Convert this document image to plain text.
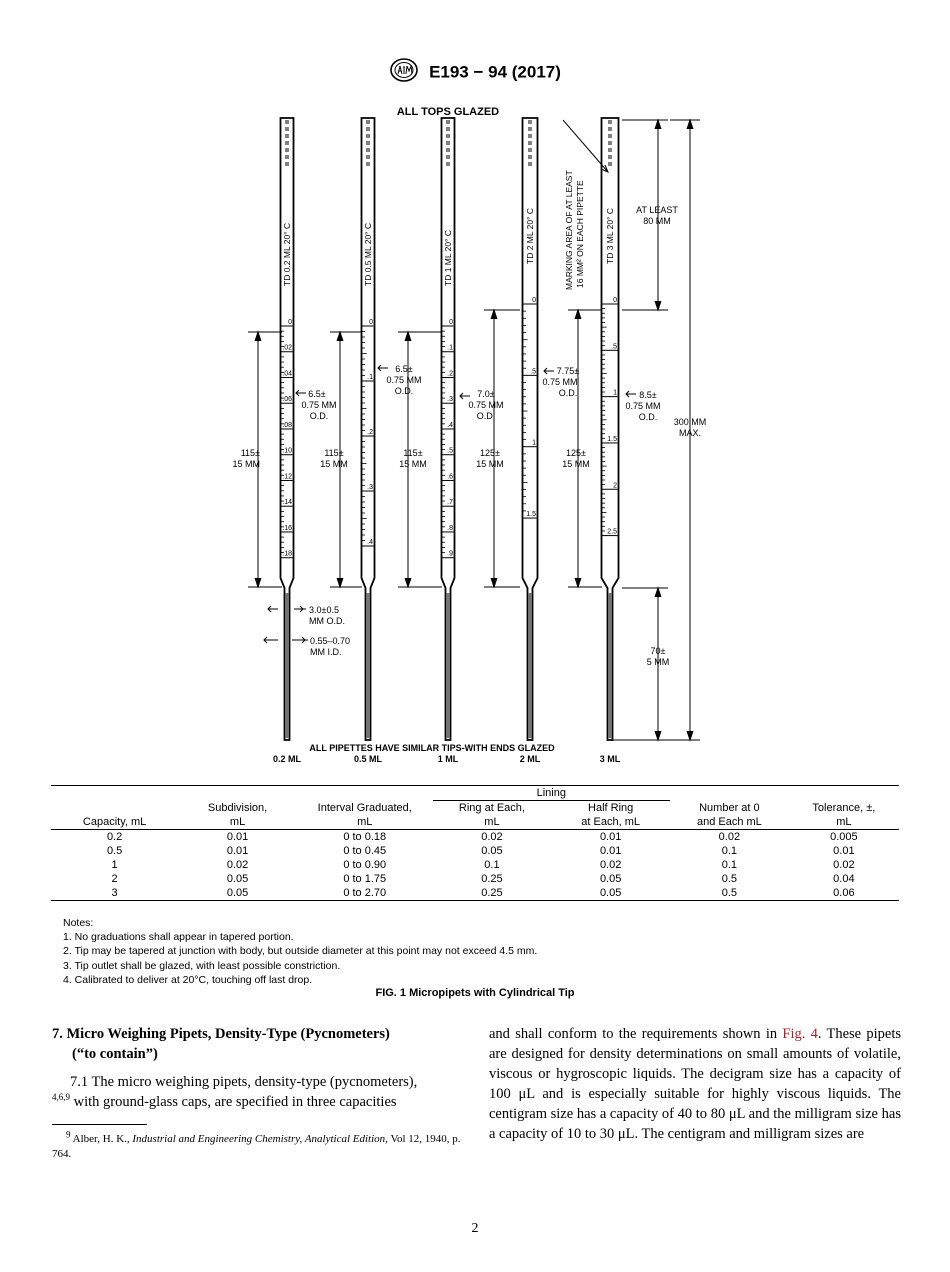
E193 − 94 (2017)
ALL TOPS GLAZED
ALL PIPETTES HAVE SIMILAR TIPS-WITH ENDS GLAZED
TD 0.2 ML 20° C
0
.02
.04
.06
.08
.10
.12
.14
.16
.18
TD 0.5 ML 20° C
0
.1
.2
.3
.4
TD 1 ML 20° C
0
.1
.2
.3
.4
.5
.6
.7
.8
.9
TD 2 ML 20° C
0
.5
1
1.5
TD 3 ML 20° C
0
.5
1
1.5
2
2.5
115±
15 MM
6.5±
0.75 MM
O.D.
115±
15 MM
6.5±
0.75 MM
O.D.
115±
15 MM
7.0±
0.75 MM
O.D.
125±
15 MM
7.75±
0.75 MM
O.D.
125±
15 MM
8.5±
0.75 MM
O.D.
3.0±0.5
MM O.D.
0.55–0.70
MM I.D.
AT LEAST
80 MM
300 MM
MAX.
70±
5 MM
MARKING AREA OF AT LEAST 16 MM² ON EACH PIPETTE
0.2 ML	0.5 ML	1 ML	2 ML	3 ML
			Lining			
	Subdivision,	Interval Graduated,	Ring at Each,	Half Ring	Number at 0	Tolerance, ±,
Capacity, mL	mL	mL	mL	at Each, mL	and Each mL	mL
0.2	0.01	0 to 0.18	0.02	0.01	0.02	0.005
0.5	0.01	0 to 0.45	0.05	0.01	0.1	0.01
1	0.02	0 to 0.90	0.1	0.02	0.1	0.02
2	0.05	0 to 1.75	0.25	0.05	0.5	0.04
3	0.05	0 to 2.70	0.25	0.05	0.5	0.06
Notes:
1. No graduations shall appear in tapered portion.
2. Tip may be tapered at junction with body, but outside diameter at this point may not exceed 4.5 mm.
3. Tip outlet shall be glazed, with least possible constriction.
4. Calibrated to deliver at 20°C, touching off last drop.
FIG. 1 Micropipets with Cylindrical Tip
7. Micro Weighing Pipets, Density-Type (Pycnometers)
(“to contain”)
7.1 The micro weighing pipets, density-type (pycnometers),
$^{4,6,9}$ with ground-glass caps, are specified in three capacities
$^9$ Alber, H. K., Industrial and Engineering Chemistry, Analytical Edition, Vol 12, 1940, p. 764.
and shall conform to the requirements shown in Fig. 4. These pipets are designed for density determinations on small amounts of volatile, viscous or hygroscopic liquids. The decigram size has a capacity of 100 μL and is especially suitable for highly viscous liquids. The centigram size has a capacity of 40 to 80 μL and the milligram size has a capacity of 10 to 30 μL. The centigram and milligram sizes are
2
